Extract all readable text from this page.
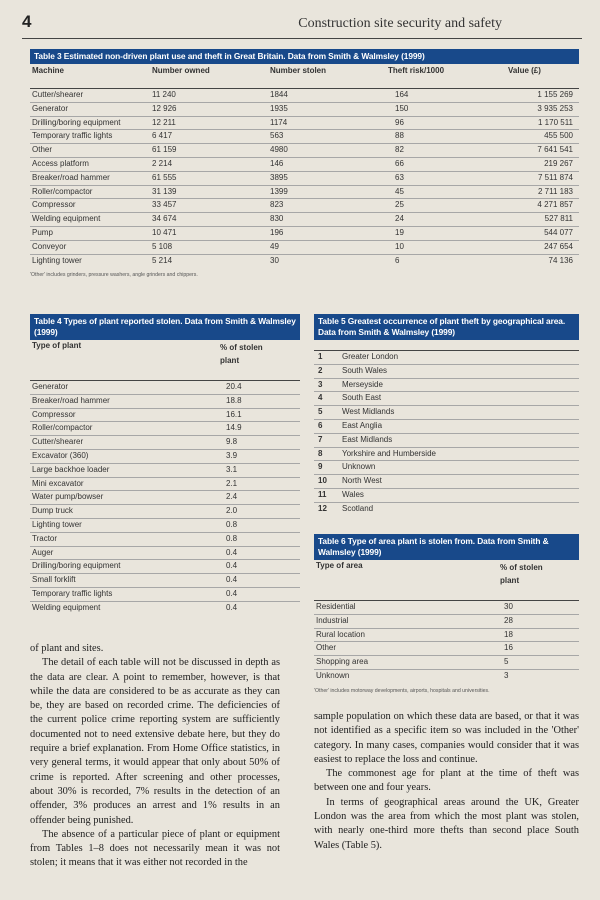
4	Construction site security and safety
Table 3 Estimated non-driven plant use and theft in Great Britain. Data from Smith & Walmsley (1999)
Machine	Number owned	Number stolen	Theft risk/1000	Value (£)
Cutter/shearer	11 240	1844	164	1 155 269
Generator	12 926	1935	150	3 935 253
Drilling/boring equipment	12 211	1174	96	1 170 511
Temporary traffic lights	6 417	563	88	455 500
Other	61 159	4980	82	7 641 541
Access platform	2 214	146	66	219 267
Breaker/road hammer	61 555	3895	63	7 511 874
Roller/compactor	31 139	1399	45	2 711 183
Compressor	33 457	823	25	4 271 857
Welding equipment	34 674	830	24	527 811
Pump	10 471	196	19	544 077
Conveyor	5 108	49	10	247 654
Lighting tower	5 214	30	6	74 136
'Other' includes grinders, pressure washers, angle grinders and chippers.
Table 4 Types of plant reported stolen. Data from Smith & Walmsley (1999)
Type of plant	% of stolen plant
Generator	20.4
Breaker/road hammer	18.8
Compressor	16.1
Roller/compactor	14.9
Cutter/shearer	9.8
Excavator (360)	3.9
Large backhoe loader	3.1
Mini excavator	2.1
Water pump/bowser	2.4
Dump truck	2.0
Lighting tower	0.8
Tractor	0.8
Auger	0.4
Drilling/boring equipment	0.4
Small forklift	0.4
Temporary traffic lights	0.4
Welding equipment	0.4
Table 5 Greatest occurrence of plant theft by geographical area. Data from Smith & Walmsley (1999)
1 Greater London
2 South Wales
3 Merseyside
4 South East
5 West Midlands
6 East Anglia
7 East Midlands
8 Yorkshire and Humberside
9 Unknown
10 North West
11 Wales
12 Scotland
Table 6 Type of area plant is stolen from. Data from Smith & Walmsley (1999)
Type of area	% of stolen plant
Residential	30
Industrial	28
Rural location	18
Other	16
Shopping area	5
Unknown	3
'Other' includes motorway developments, airports, hospitals and universities.

of plant and sites.

The detail of each table will not be discussed in depth as the data are clear. A point to remember, however, is that while the data are considered to be as accurate as they can be, they are based on recorded crime. The deficiencies of the current police crime reporting system are sufficiently documented not to need extensive debate here, but they do require a brief explanation. From Home Office statistics, in very general terms, it would appear that only about 50% of crime is reported. After screening and other processes, about 30% is recorded, 7% results in the detection of an offender, 3% produces an arrest and 1% results in an offender being punished.

The absence of a particular piece of plant or equipment from Tables 1–8 does not necessarily mean it was not stolen; it means that it was either not recorded in the

sample population on which these data are based, or that it was not identified as a specific item so was included in the 'Other' category. In many cases, companies would consider that it was easiest to replace the loss and continue.

The commonest age for plant at the time of theft was between one and four years.

In terms of geographical areas around the UK, Greater London was the area from which the most plant was stolen, with nearly one-third more thefts than second place South Wales (Table 5).
